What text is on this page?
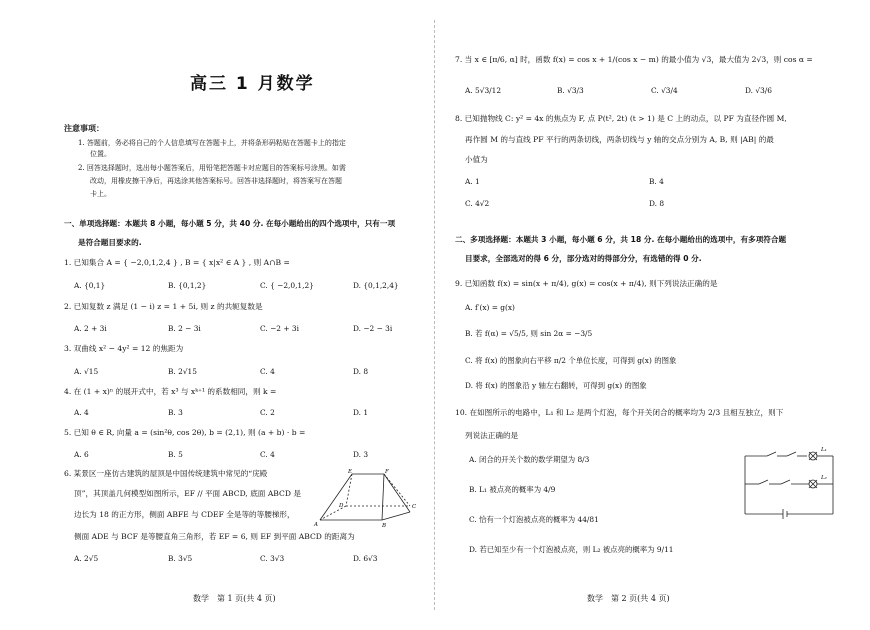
高三 1 月数学
注意事项：
1. 答题前，务必将自己的个人信息填写在答题卡上，并将条形码粘贴在答题卡上的指定
位置。
2. 回答选择题时，选出每小题答案后，用铅笔把答题卡对应题目的答案标号涂黑。如需
改动，用橡皮擦干净后，再选涂其他答案标号。回答非选择题时，将答案写在答题
卡上。
一、单项选择题：本题共 8 小题，每小题 5 分，共 40 分. 在每小题给出的四个选项中，只有一项
是符合题目要求的.
1. 已知集合 A = { −2,0,1,2,4 } , B = { x|x² ∈ A } , 则 A∩B =
A. {0,1}	B. {0,1,2}	C. { −2,0,1,2}	D. {0,1,2,4}
2. 已知复数 z 满足 (1 − i) z = 1 + 5i, 则 z 的共轭复数是
A. 2 + 3i	B. 2 − 3i	C. −2 + 3i	D. −2 − 3i
3. 双曲线 x² − 4y² = 12 的焦距为
A. √15	B. 2√15	C. 4	D. 8
4. 在 (1 + x)ⁿ 的展开式中，若 x³ 与 xᵏ⁺¹ 的系数相同，则 k =
A. 4	B. 3	C. 2	D. 1
5. 已知 θ ∈ R, 向量 a = (sin²θ, cos 2θ), b = (2,1), 则 (a + b) · b =
A. 6	B. 5	C. 4	D. 3
6. 某景区一座仿古建筑的屋顶是中国传统建筑中常见的“庑殿
顶”，其顶盖几何模型如图所示，EF // 平面 ABCD, 底面 ABCD 是
边长为 18 的正方形，侧面 ABFE 与 CDEF 全是等的等腰梯形，
侧面 ADE 与 BCF 是等腰直角三角形，若 EF = 6, 则 EF 到平面 ABCD 的距离为
A. 2√5	B. 3√5	C. 3√3	D. 6√3
E	F
D	C
A	B
数学　第 1 页(共 4 页)
7. 当 x ∈ [π/6, α] 时，函数 f(x) = cos x + 1/(cos x − m) 的最小值为 √3，最大值为 2√3，则 cos α =
A. 5√3/12	B. √3/3	C. √3/4	D. √3/6
8. 已知抛物线 C: y² = 4x 的焦点为 F, 点 P(t², 2t) (t > 1) 是 C 上的动点，以 PF 为直径作圆 M,
再作圆 M 的与直线 PF 平行的两条切线，两条切线与 y 轴的交点分别为 A, B, 则 |AB| 的最
小值为
A. 1	B. 4
C. 4√2	D. 8
二、多项选择题：本题共 3 小题，每小题 6 分，共 18 分. 在每小题给出的选项中，有多项符合题
目要求，全部选对的得 6 分，部分选对的得部分分，有选错的得 0 分.
9. 已知函数 f(x) = sin(x + π/4), g(x) = cos(x + π/4), 则下列说法正确的是
A. f′(x) = g(x)
B. 若 f(α) = √5/5, 则 sin 2α = −3/5
C. 将 f(x) 的图象向右平移 π/2 个单位长度，可得到 g(x) 的图象
D. 将 f(x) 的图象沿 y 轴左右翻转，可得到 g(x) 的图象
10. 在如图所示的电路中，L₁ 和 L₂ 是两个灯泡，每个开关闭合的概率均为 2/3 且相互独立，则下
列说法正确的是
A. 闭合的开关个数的数学期望为 8/3
B. L₁ 被点亮的概率为 4/9
C. 恰有一个灯泡被点亮的概率为 44/81
D. 若已知至少有一个灯泡被点亮，则 L₂ 被点亮的概率为 9/11
L₁
L₂
数学　第 2 页(共 4 页)
